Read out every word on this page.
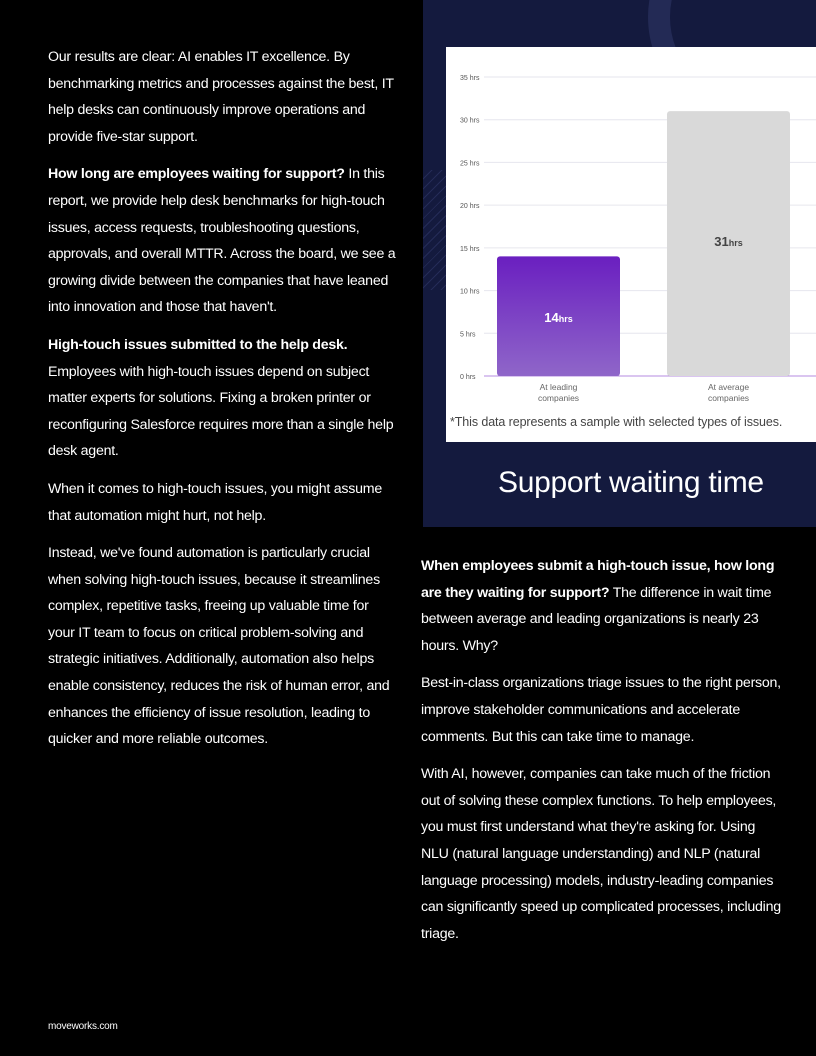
Our results are clear: AI enables IT excellence. By benchmarking metrics and processes against the best, IT help desks can continuously improve operations and provide five-star support.

How long are employees waiting for support? In this report, we provide help desk benchmarks for high-touch issues, access requests, troubleshooting questions, approvals, and overall MTTR. Across the board, we see a growing divide between the companies that have leaned into innovation and those that haven't.

High-touch issues submitted to the help desk. Employees with high-touch issues depend on subject matter experts for solutions. Fixing a broken printer or reconfiguring Salesforce requires more than a single help desk agent.

When it comes to high-touch issues, you might assume that automation might hurt, not help.

Instead, we've found automation is particularly crucial when solving high-touch issues, because it streamlines complex, repetitive tasks, freeing up valuable time for your IT team to focus on critical problem-solving and strategic initiatives. Additionally, automation also helps enable consistency, reduces the risk of human error, and enhances the efficiency of issue resolution, leading to quicker and more reliable outcomes.

0 hrs
5 hrs
10 hrs
15 hrs
20 hrs
25 hrs
30 hrs
35 hrs
14hrs
At leading
companies
31hrs
At average
companies
*This data represents a sample with selected types of issues.
Support waiting time

When employees submit a high-touch issue, how long are they waiting for support? The difference in wait time between average and leading organizations is nearly 23 hours. Why?

Best-in-class organizations triage issues to the right person, improve stakeholder communications and accelerate comments. But this can take time to manage.

With AI, however, companies can take much of the friction out of solving these complex functions. To help employees, you must first understand what they're asking for. Using NLU (natural language understanding) and NLP (natural language processing) models, industry-leading companies can significantly speed up complicated processes, including triage.

moveworks.com
